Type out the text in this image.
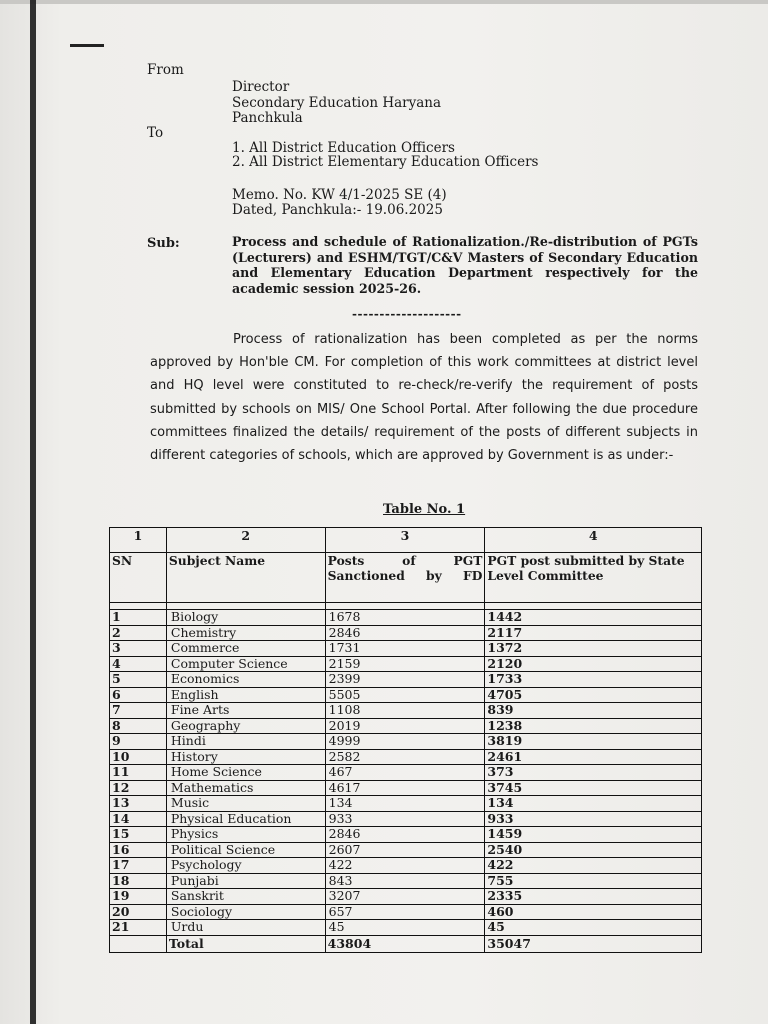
From
Director
Secondary Education Haryana
Panchkula
To
1. All District Education Officers
2. All District Elementary Education Officers
Memo. No. KW 4/1-2025 SE (4)
Dated, Panchkula:- 19.06.2025
Sub:	Process and schedule of Rationalization./Re-distribution of PGTs (Lecturers) and ESHM/TGT/C&V Masters of Secondary Education and Elementary Education Department respectively for the academic session 2025-26.
--------------------
Process of rationalization has been completed as per the norms approved by Hon'ble CM. For completion of this work committees at district level and HQ level were constituted to re-check/re-verify the requirement of posts submitted by schools on MIS/ One School Portal. After following the due procedure committees finalized the details/ requirement of the posts of different subjects in different categories of schools, which are approved by Government is as under:-
Table No. 1
1	2	3	4
SN	Subject Name	Posts of PGT Sanctioned by FD	PGT post submitted by State Level Committee

1	Biology	1678	1442
2	Chemistry	2846	2117
3	Commerce	1731	1372
4	Computer Science	2159	2120
5	Economics	2399	1733
6	English	5505	4705
7	Fine Arts	1108	839
8	Geography	2019	1238
9	Hindi	4999	3819
10	History	2582	2461
11	Home Science	467	373
12	Mathematics	4617	3745
13	Music	134	134
14	Physical Education	933	933
15	Physics	2846	1459
16	Political Science	2607	2540
17	Psychology	422	422
18	Punjabi	843	755
19	Sanskrit	3207	2335
20	Sociology	657	460
21	Urdu	45	45
	Total	43804	35047
